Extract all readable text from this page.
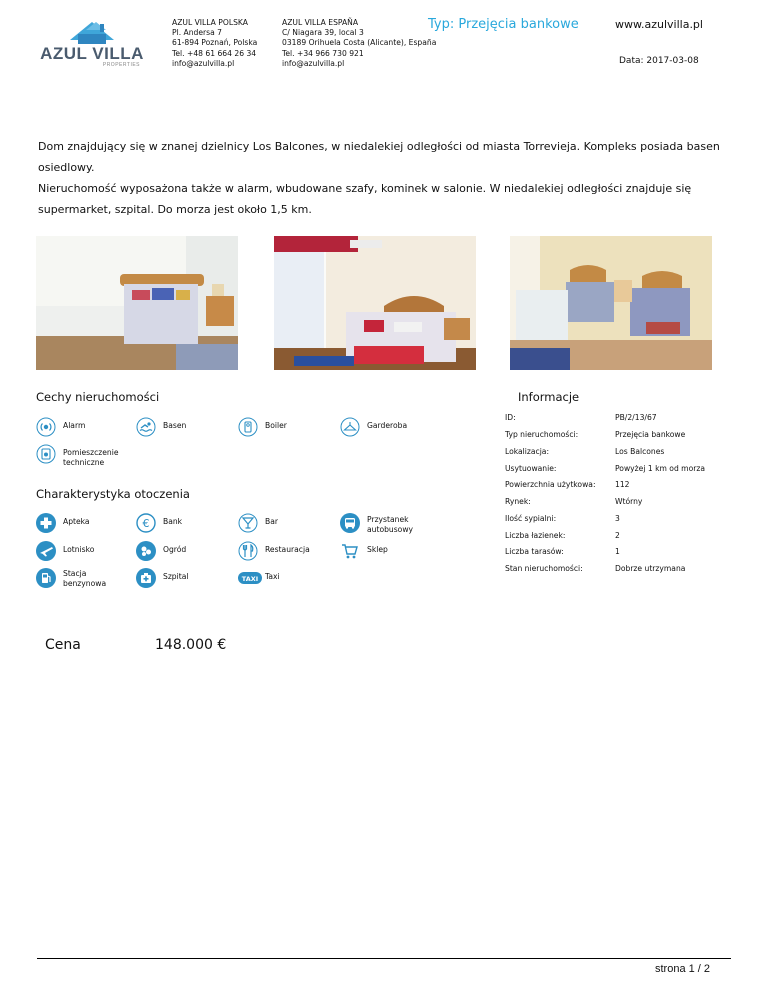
AZUL VILLA
PROPERTIES
AZUL VILLA POLSKA
Pl. Andersa 7
61-894 Poznań, Polska
Tel. +48 61 664 26 34
info@azulvilla.pl
AZUL VILLA ESPAÑA
C/ Niagara 39, local 3
03189 Orihuela Costa (Alicante), España
Tel. +34 966 730 921
info@azulvilla.pl
Typ: Przejęcia bankowe	www.azulvilla.pl
Data: 2017-03-08
Dom znajdujący się w znanej dzielnicy Los Balcones, w niedalekiej odległości od miasta Torrevieja. Kompleks posiada basen osiedlowy.
Nieruchomość wyposażona także w alarm, wbudowane szafy, kominek w salonie. W niedalekiej odległości znajduje się supermarket, szpital. Do morza jest około 1,5 km.
Cechy nieruchomości
Alarm	Basen	Boiler	Garderoba
Pomieszczenie techniczne
Charakterystyka otoczenia
Apteka	€ Bank	Bar	Przystanek autobusowy
Lotnisko	Ogród	Restauracja	Sklep
Stacja benzynowa
Szpital	TAXI Taxi
Informacje
ID:	PB/2/13/67
Typ nieruchomości:	Przejęcia bankowe
Lokalizacja:	Los Balcones
Usytuowanie:	Powyżej 1 km od morza
Powierzchnia użytkowa:	112
Rynek:	Wtórny
Ilość sypialni:	3
Liczba łazienek:	2
Liczba tarasów:	1
Stan nieruchomości:	Dobrze utrzymana
Cena	148.000 €
strona 1 / 2
